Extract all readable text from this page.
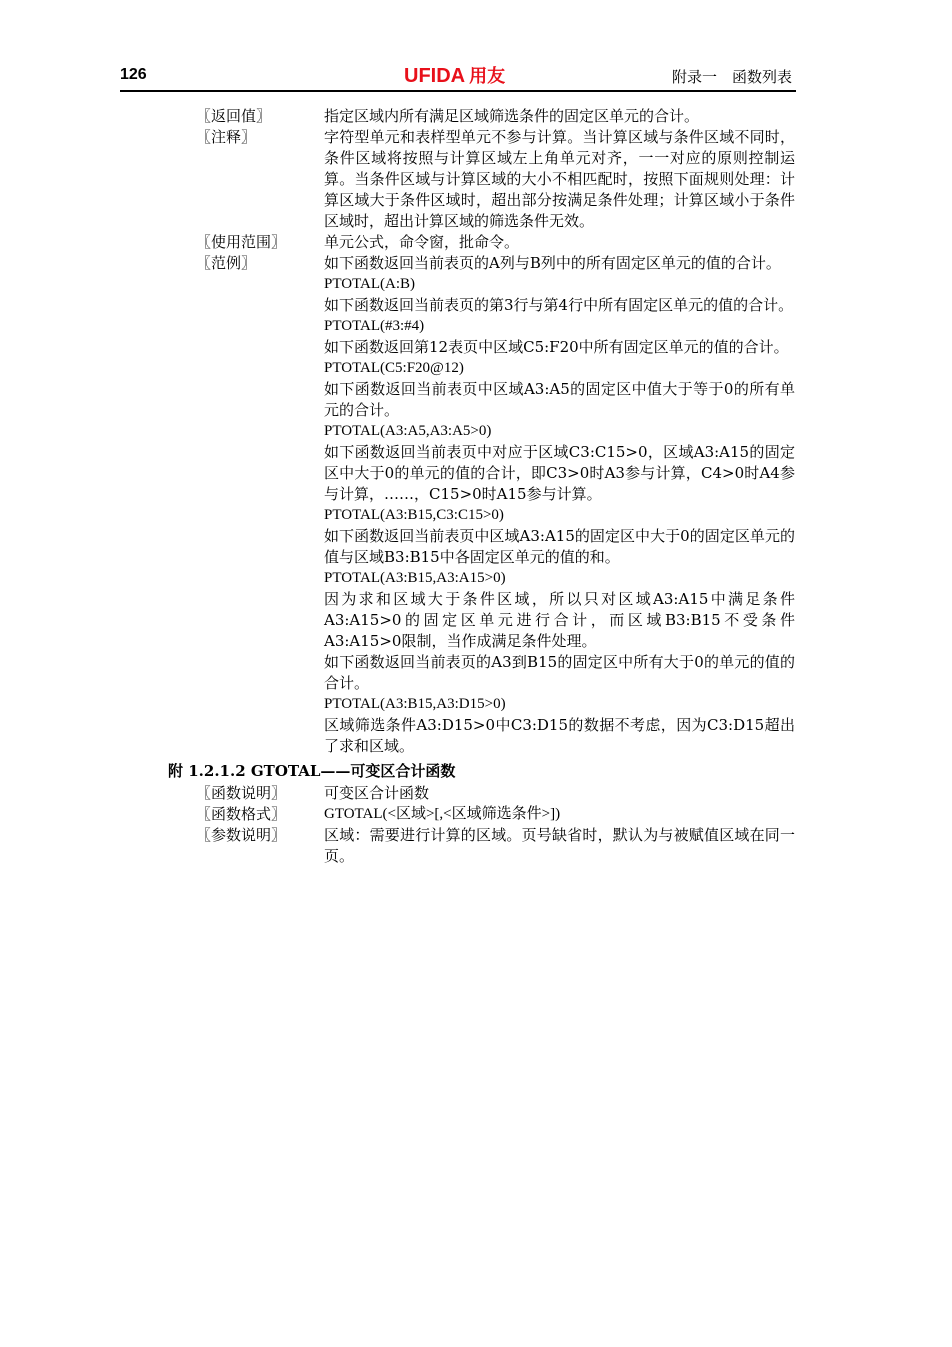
126	UFIDA 用友	附录一　函数列表
〖返回值〗	指定区域内所有满足区域筛选条件的固定区单元的合计。

〖注释〗	字符型单元和表样型单元不参与计算。当计算区域与条件区域不同时，条件区域将按照与计算区域左上角单元对齐，一一对应的原则控制运算。当条件区域与计算区域的大小不相匹配时，按照下面规则处理：计算区域大于条件区域时，超出部分按满足条件处理；计算区域小于条件区域时，超出计算区域的筛选条件无效。

〖使用范围〗	单元公式，命令窗，批命令。

〖范例〗	如下函数返回当前表页的A列与B列中的所有固定区单元的值的合计。

PTOTAL(A:B)

如下函数返回当前表页的第3行与第4行中所有固定区单元的值的合计。

PTOTAL(#3:#4)

如下函数返回第12表页中区域C5:F20中所有固定区单元的值的合计。

PTOTAL(C5:F20@12)

如下函数返回当前表页中区域A3:A5的固定区中值大于等于0的所有单元的合计。

PTOTAL(A3:A5,A3:A5>0)

如下函数返回当前表页中对应于区域C3:C15>0，区域A3:A15的固定区中大于0的单元的值的合计，即C3>0时A3参与计算，C4>0时A4参与计算，……，C15>0时A15参与计算。

PTOTAL(A3:B15,C3:C15>0)

如下函数返回当前表页中区域A3:A15的固定区中大于0的固定区单元的值与区域B3:B15中各固定区单元的值的和。

PTOTAL(A3:B15,A3:A15>0)

因为求和区域大于条件区域，所以只对区域A3:A15中满足条件A3:A15>0的固定区单元进行合计，而区域B3:B15不受条件A3:A15>0限制，当作成满足条件处理。

如下函数返回当前表页的A3到B15的固定区中所有大于0的单元的值的合计。

PTOTAL(A3:B15,A3:D15>0)

区域筛选条件A3:D15>0中C3:D15的数据不考虑，因为C3:D15超出了求和区域。

附 1.2.1.2 GTOTAL——可变区合计函数
〖函数说明〗	可变区合计函数

〖函数格式〗	GTOTAL(<区域>[,<区域筛选条件>])

〖参数说明〗	区域：需要进行计算的区域。页号缺省时，默认为与被赋值区域在同一页。
